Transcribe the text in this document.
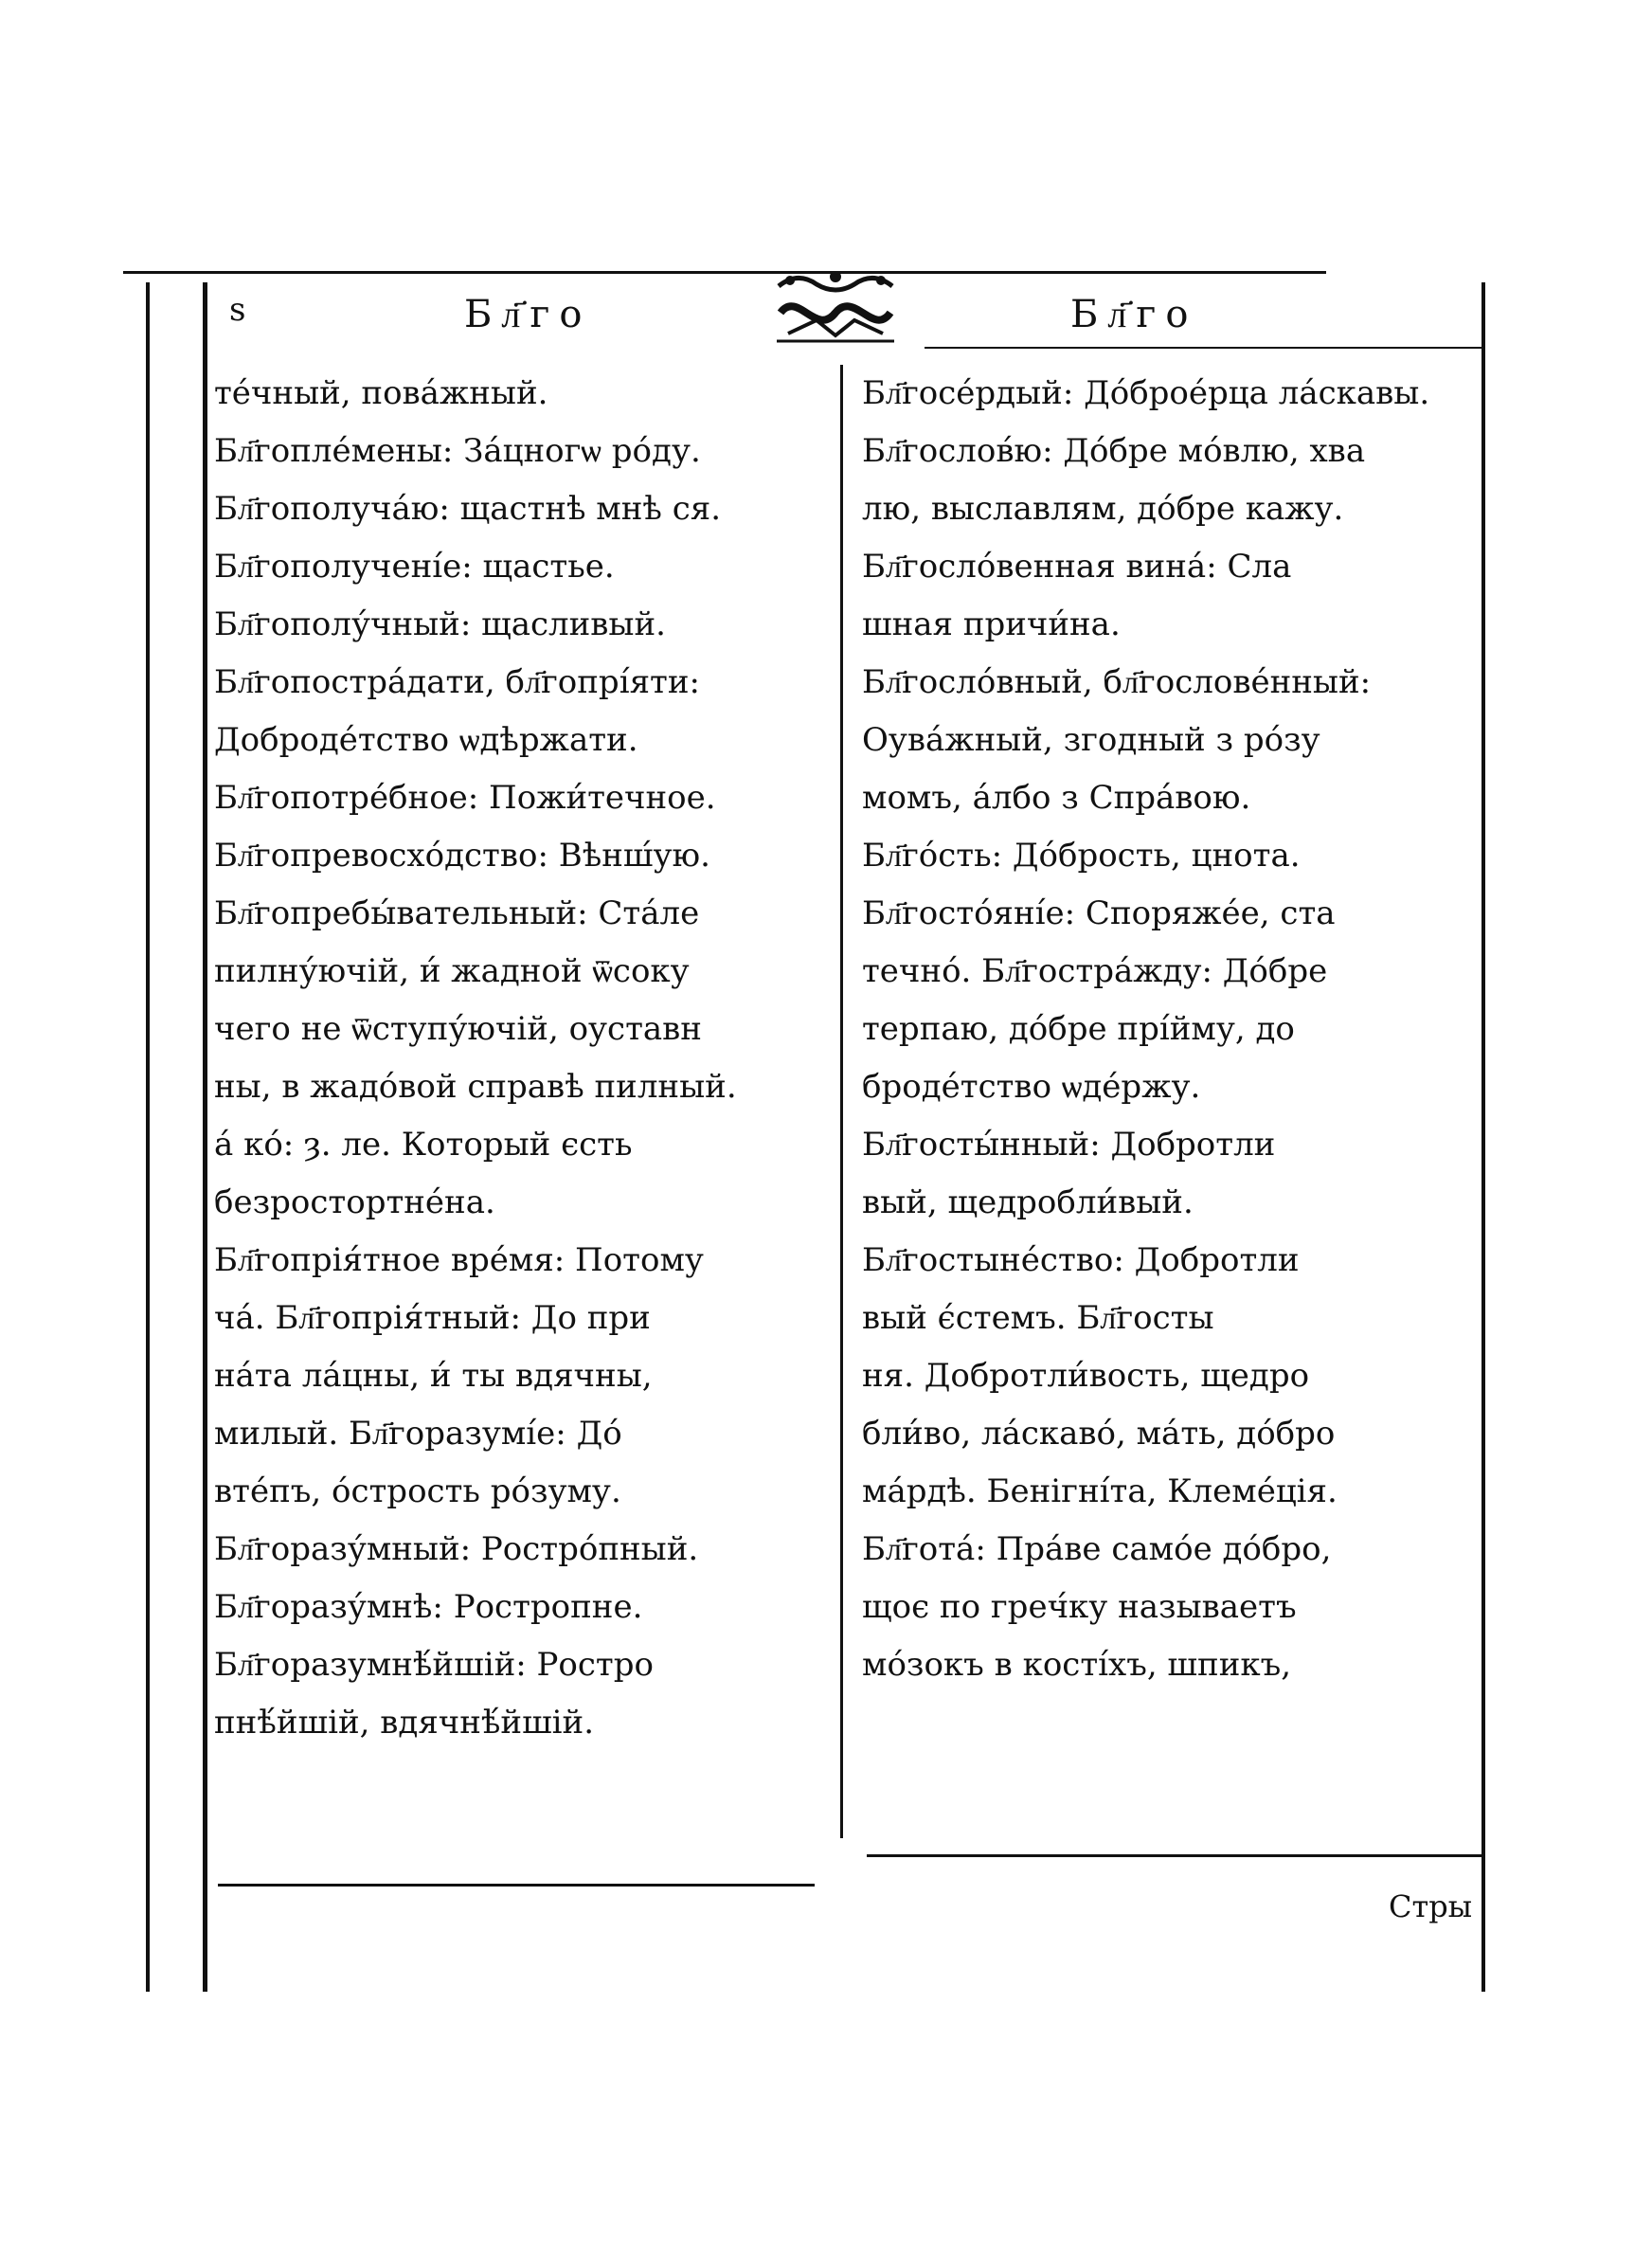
ѕ	Бл҃го	Бл҃го
те́чный, пова́жный.
Бл҃гопле́мены: За́цногѡ ро́ду.
Бл҃гополуча́ю: щастнѣ мнѣ ся.
Бл҃гополучені́е: щастье.
Бл҃гополу́чный: щасливый.
Бл҃гопостра́дати, бл҃гопрі́яти:
Доброде́тство ѡдѣржати.
Бл҃гопотре́бное: Пожи́течное.
Бл҃гопревосхо́дство: Вѣнш́ую.
Бл҃гопребы́вательный: Ста́ле
пилну́ючій, и́ жадной ѿсоку
чего не ѿступу́ючій, оуставн
ны, в жадо́вой справѣ пилный.
а́ ко́: ȝ. ле. Который єсть
безростортне́на.
Бл҃гопрія́тное вре́мя: Потому
ча́. Бл҃гопрія́тный: До при
на́та ла́цны, и́ ты вдячны,
милый. Бл҃горазумі́е: До́
вте́пъ, о́стрость ро́зуму.
Бл҃горазу́мный: Ростро́пный.
Бл҃горазу́мнѣ: Ростропне.
Бл҃горазумнѣ́йшій: Ростро
пнѣ́йшій, вдячнѣ́йшій.
Бл҃госе́рдый: До́брое́рца ла́скавы.
Бл҃гослов́ю: До́бре мо́влю, хва
лю, выславлям, до́бре кажу.
Бл҃госло́венная вина́: Сла
шная причи́на.
Бл҃госло́вный, бл҃гослове́нный:
Оува́жный, згодный з ро́зу
момъ, а́лбо з Спра́вою.
Бл҃го́сть: До́брость, цнота.
Бл҃госто́яні́е: Споряже́е, ста
течно́. Бл҃гостра́жду: До́бре
терпаю, до́бре прі́йму, до
броде́тство ѡде́ржу.
Бл҃госты́нный: Добротли
вый, щедробли́вый.
Бл҃гостыне́ство: Добротли
вый є́стемъ. Бл҃госты
ня. Добротли́вость, щедро
бли́во, ла́скаво́, ма́ть, до́бро
ма́рдѣ. Бенігні́та, Клеме́ція.
Бл҃гота́: Пра́ве само́е до́бро,
щоє по греч́ку называетъ
мо́зокъ в кості́хъ, шпикъ,
Стры
